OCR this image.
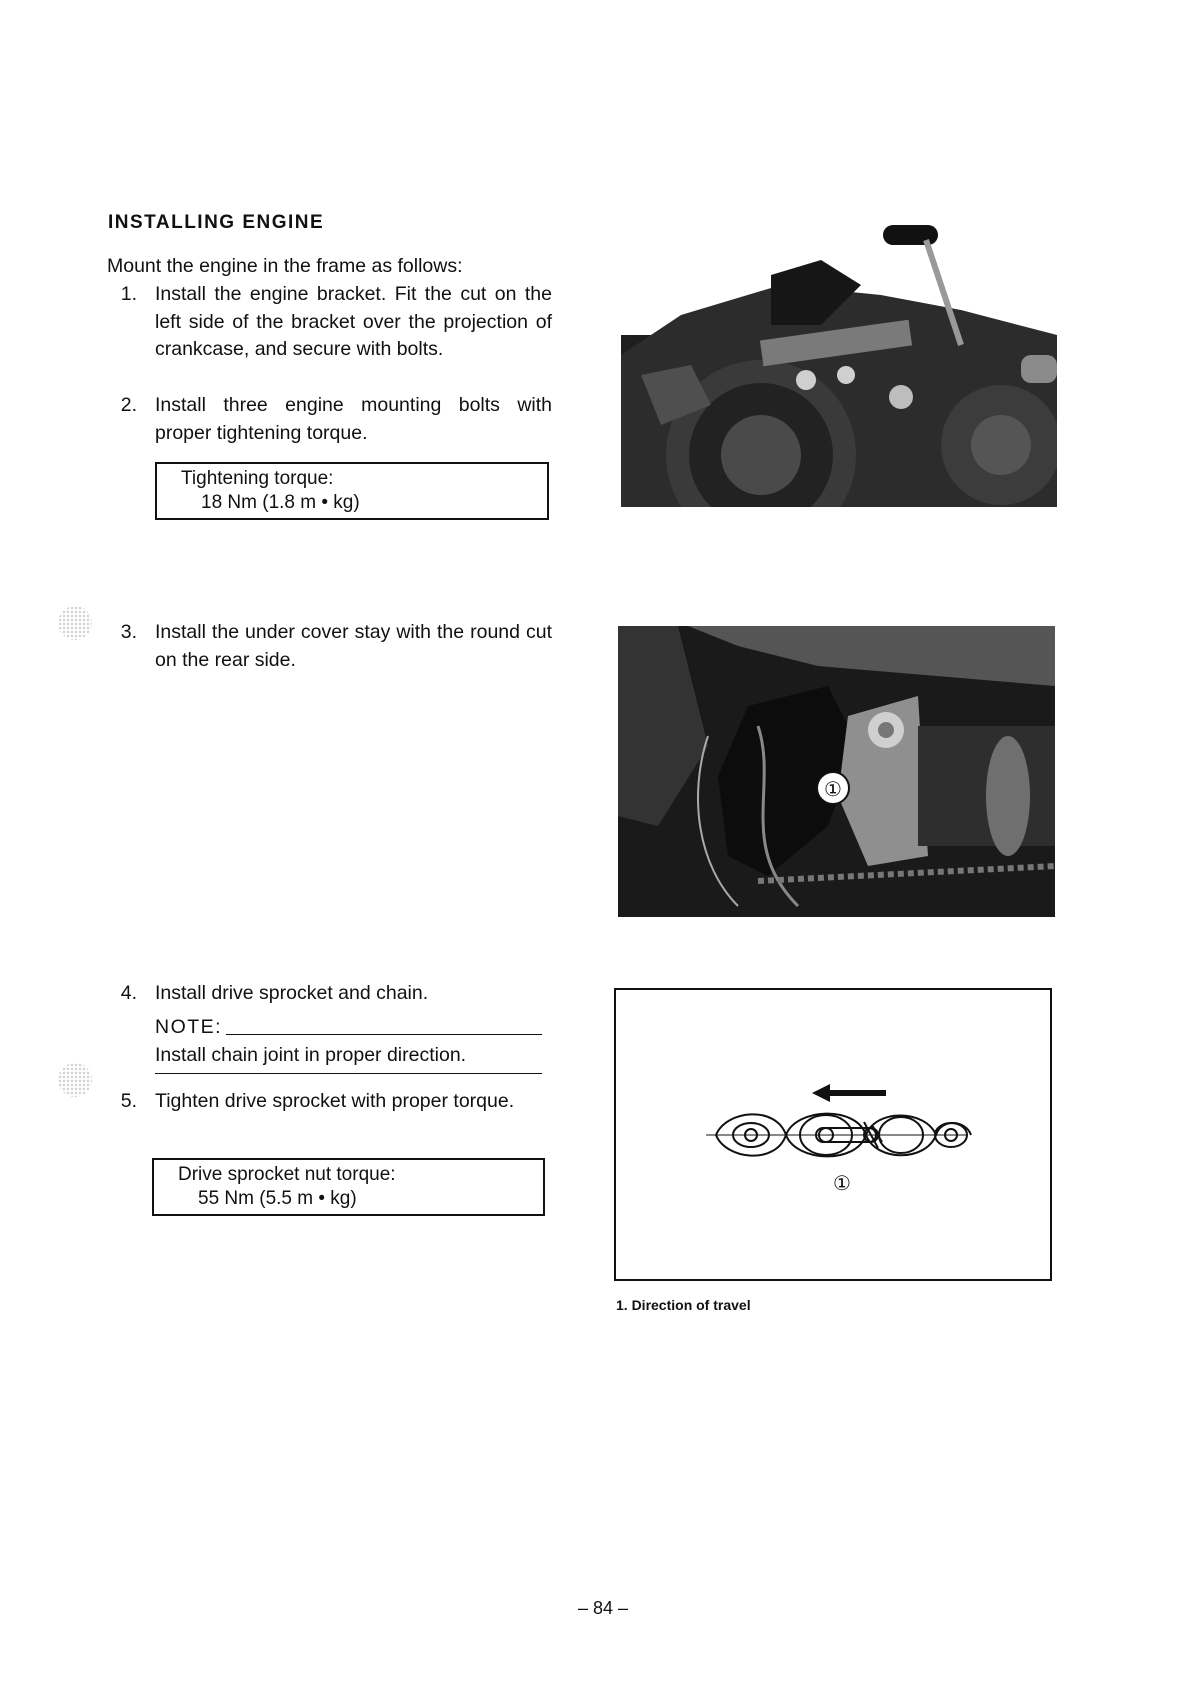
INSTALLING ENGINE
Mount the engine in the frame as follows:
1. Install the engine bracket. Fit the cut on the left side of the bracket over the projection of crankcase, and secure with bolts.
2. Install three engine mounting bolts with proper tightening torque.
Tightening torque:
18 Nm (1.8 m • kg)
3. Install the under cover stay with the round cut on the rear side.
①
4. Install drive sprocket and chain.
NOTE:
Install chain joint in proper direction.
5. Tighten drive sprocket with proper torque.
Drive sprocket nut torque:
55 Nm (5.5 m • kg)
①
1. Direction of travel
– 84 –
